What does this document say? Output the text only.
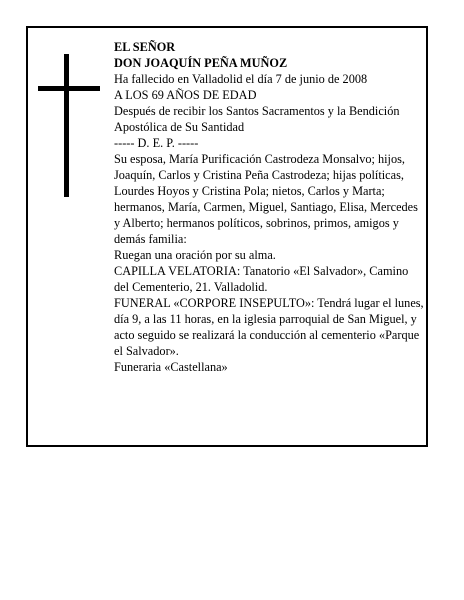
EL SEÑOR

DON JOAQUÍN PEÑA MUÑOZ

Ha fallecido en Valladolid el día 7 de junio de 2008

A LOS 69 AÑOS DE EDAD

Después de recibir los Santos Sacramentos y la Bendición Apostólica de Su Santidad

----- D. E. P. -----

Su esposa, María Purificación Castrodeza Monsalvo; hijos, Joaquín, Carlos y Cristina Peña Castrodeza; hijas políticas, Lourdes Hoyos y Cristina Pola; nietos, Carlos y Marta; hermanos, María, Carmen, Miguel, Santiago, Elisa, Mercedes y Alberto; hermanos políticos, sobrinos, primos, amigos y demás familia:

Ruegan una oración por su alma.

CAPILLA VELATORIA: Tanatorio «El Salvador», Camino del Cementerio, 21. Valladolid.

FUNERAL «CORPORE INSEPULTO»: Tendrá lugar el lunes, día 9, a las 11 horas, en la iglesia parroquial de San Miguel, y acto seguido se realizará la conducción al cementerio «Parque el Salvador».

Funeraria «Castellana»
